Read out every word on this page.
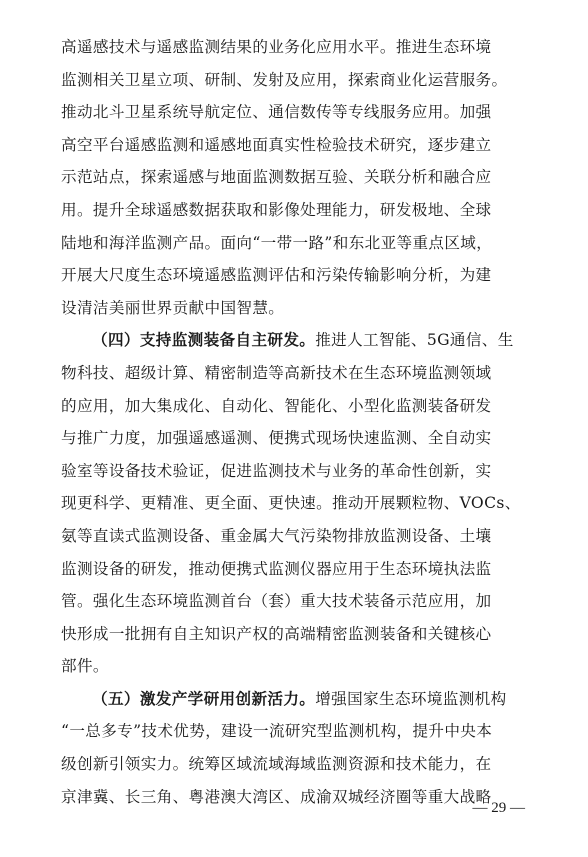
高遥感技术与遥感监测结果的业务化应用水平。推进生态环境
监测相关卫星立项、研制、发射及应用，探索商业化运营服务。
推动北斗卫星系统导航定位、通信数传等专线服务应用。加强
高空平台遥感监测和遥感地面真实性检验技术研究，逐步建立
示范站点，探索遥感与地面监测数据互验、关联分析和融合应
用。提升全球遥感数据获取和影像处理能力，研发极地、全球
陆地和海洋监测产品。面向“一带一路”和东北亚等重点区域，
开展大尺度生态环境遥感监测评估和污染传输影响分析，为建
设清洁美丽世界贡献中国智慧。
（四）支持监测装备自主研发。推进人工智能、5G通信、生
物科技、超级计算、精密制造等高新技术在生态环境监测领域
的应用，加大集成化、自动化、智能化、小型化监测装备研发
与推广力度，加强遥感遥测、便携式现场快速监测、全自动实
验室等设备技术验证，促进监测技术与业务的革命性创新，实
现更科学、更精准、更全面、更快速。推动开展颗粒物、VOCs、
氨等直读式监测设备、重金属大气污染物排放监测设备、土壤
监测设备的研发，推动便携式监测仪器应用于生态环境执法监
管。强化生态环境监测首台（套）重大技术装备示范应用，加
快形成一批拥有自主知识产权的高端精密监测装备和关键核心
部件。
（五）激发产学研用创新活力。增强国家生态环境监测机构
“一总多专”技术优势，建设一流研究型监测机构，提升中央本
级创新引领实力。统筹区域流域海域监测资源和技术能力，在
京津冀、长三角、粤港澳大湾区、成渝双城经济圈等重大战略
— 29 —
